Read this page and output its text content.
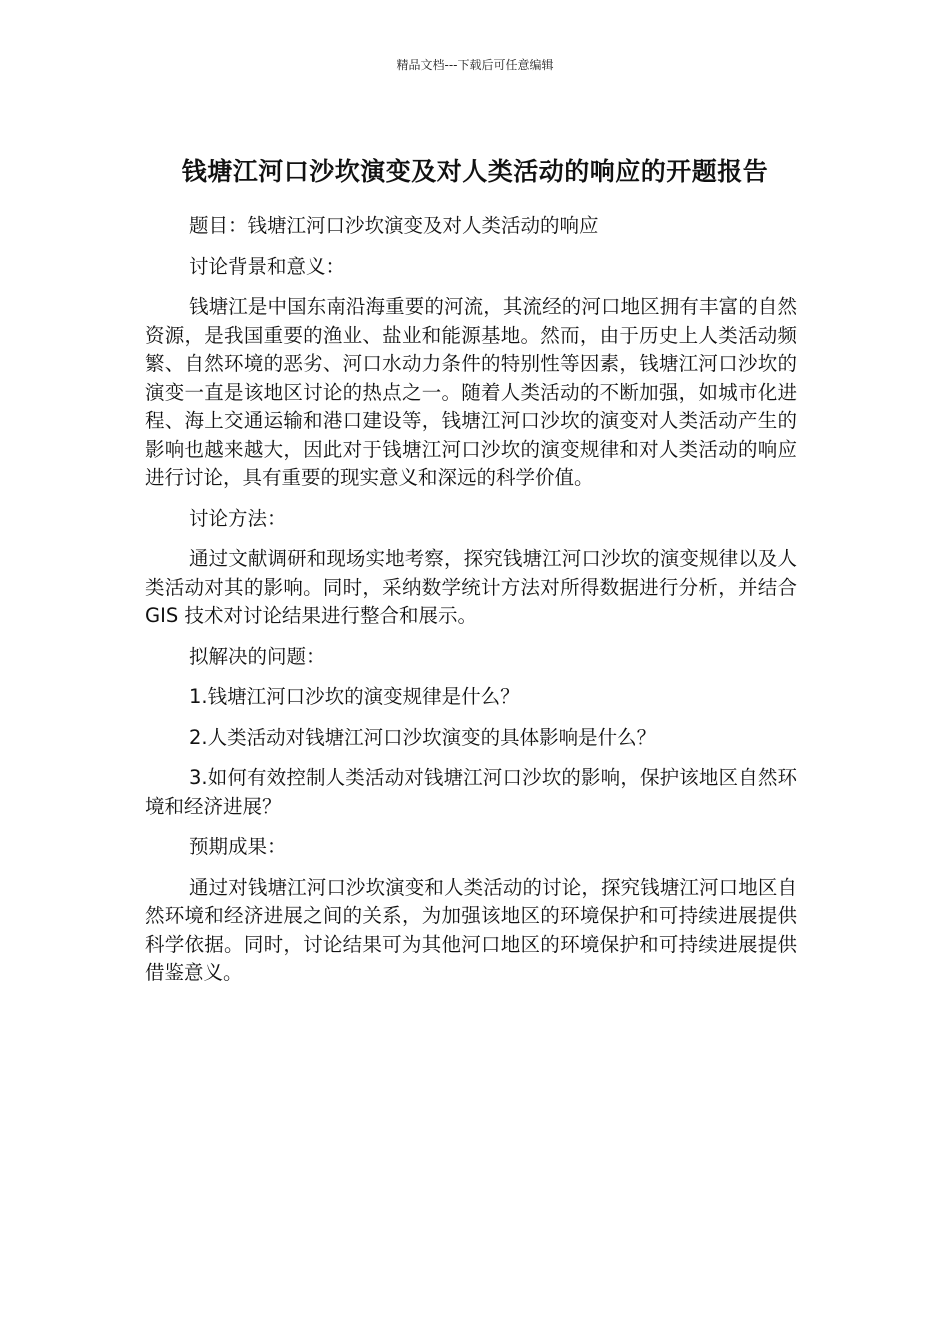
精品文档---下载后可任意编辑
钱塘江河口沙坎演变及对人类活动的响应的开题报告

题目：钱塘江河口沙坎演变及对人类活动的响应

讨论背景和意义：

钱塘江是中国东南沿海重要的河流，其流经的河口地区拥有丰富的自然资源，是我国重要的渔业、盐业和能源基地。然而，由于历史上人类活动频繁、自然环境的恶劣、河口水动力条件的特别性等因素，钱塘江河口沙坎的演变一直是该地区讨论的热点之一。随着人类活动的不断加强，如城市化进程、海上交通运输和港口建设等，钱塘江河口沙坎的演变对人类活动产生的影响也越来越大，因此对于钱塘江河口沙坎的演变规律和对人类活动的响应进行讨论，具有重要的现实意义和深远的科学价值。

讨论方法：

通过文献调研和现场实地考察，探究钱塘江河口沙坎的演变规律以及人类活动对其的影响。同时，采纳数学统计方法对所得数据进行分析，并结合 GIS 技术对讨论结果进行整合和展示。

拟解决的问题：

1.钱塘江河口沙坎的演变规律是什么？

2.人类活动对钱塘江河口沙坎演变的具体影响是什么？

3.如何有效控制人类活动对钱塘江河口沙坎的影响，保护该地区自然环境和经济进展？

预期成果：

通过对钱塘江河口沙坎演变和人类活动的讨论，探究钱塘江河口地区自然环境和经济进展之间的关系，为加强该地区的环境保护和可持续进展提供科学依据。同时，讨论结果可为其他河口地区的环境保护和可持续进展提供借鉴意义。
